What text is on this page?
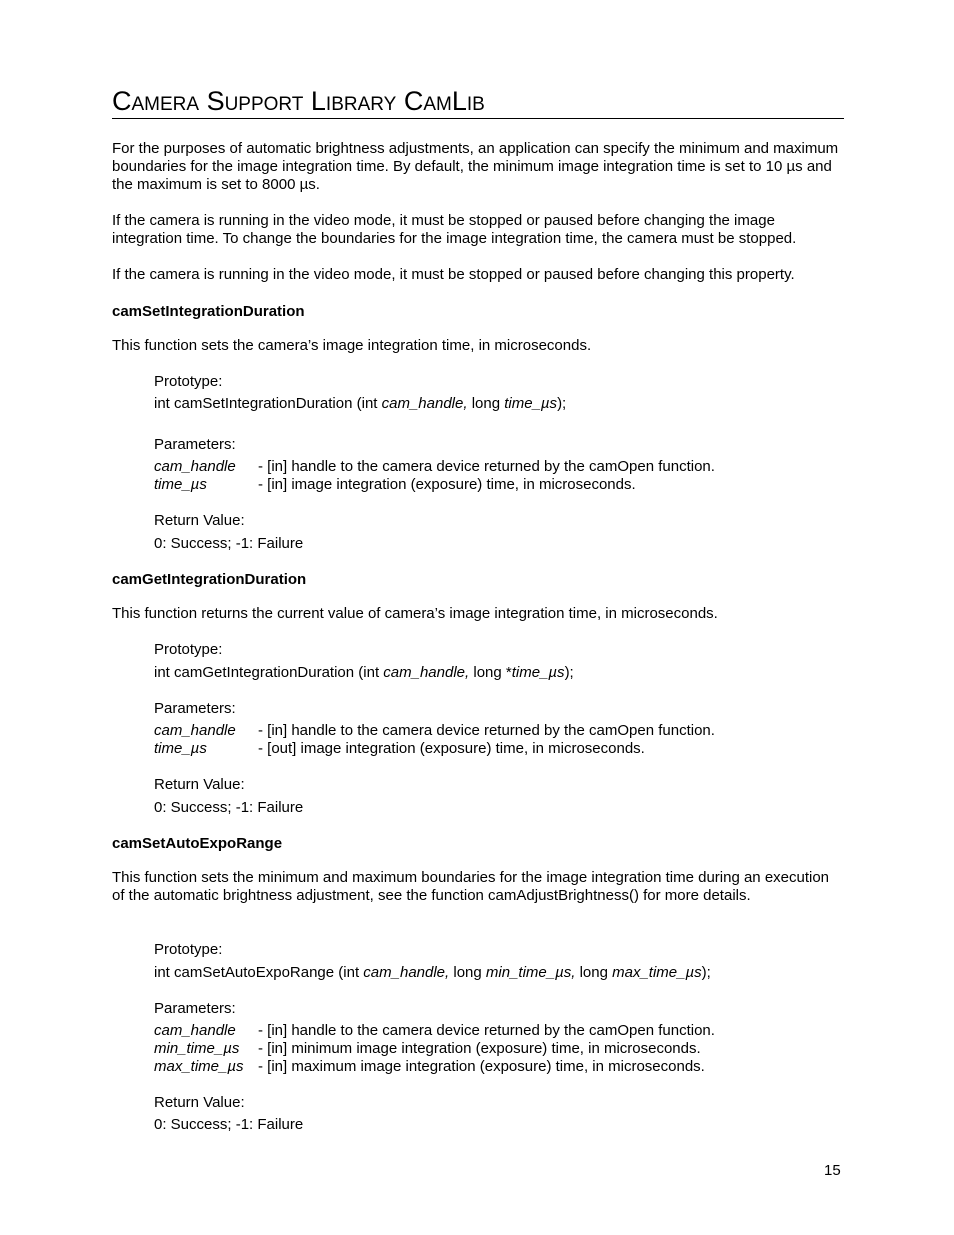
Camera Support Library CamLib
For the purposes of automatic brightness adjustments, an application can specify the minimum and maximum boundaries for the image integration time. By default, the minimum image integration time is set to 10 µs and the maximum is set to 8000 µs.
If the camera is running in the video mode, it must be stopped or paused before changing the image integration time. To change the boundaries for the image integration time, the camera must be stopped.
If the camera is running in the video mode, it must be stopped or paused before changing this property.
camSetIntegrationDuration
This function sets the camera’s image integration time, in microseconds.
Prototype:
int camSetIntegrationDuration (int cam_handle, long time_µs);
Parameters:
cam_handle - [in] handle to the camera device returned by the camOpen function.
time_µs	- [in] image integration (exposure) time, in microseconds.
Return Value:
0: Success; -1: Failure
camGetIntegrationDuration
This function returns the current value of camera’s image integration time, in microseconds.
Prototype:
int camGetIntegrationDuration (int cam_handle, long *time_µs);
Parameters:
cam_handle - [in] handle to the camera device returned by the camOpen function.
time_µs	- [out] image integration (exposure) time, in microseconds.
Return Value:
0: Success; -1: Failure
camSetAutoExpoRange
This function sets the minimum and maximum boundaries for the image integration time during an execution of the automatic brightness adjustment, see the function camAdjustBrightness() for more details.
Prototype:
int camSetAutoExpoRange (int cam_handle, long min_time_µs, long max_time_µs);
Parameters:
cam_handle - [in] handle to the camera device returned by the camOpen function.
min_time_µs - [in] minimum image integration (exposure) time, in microseconds.
max_time_µs - [in] maximum image integration (exposure) time, in microseconds.
Return Value:
0: Success; -1: Failure
15
